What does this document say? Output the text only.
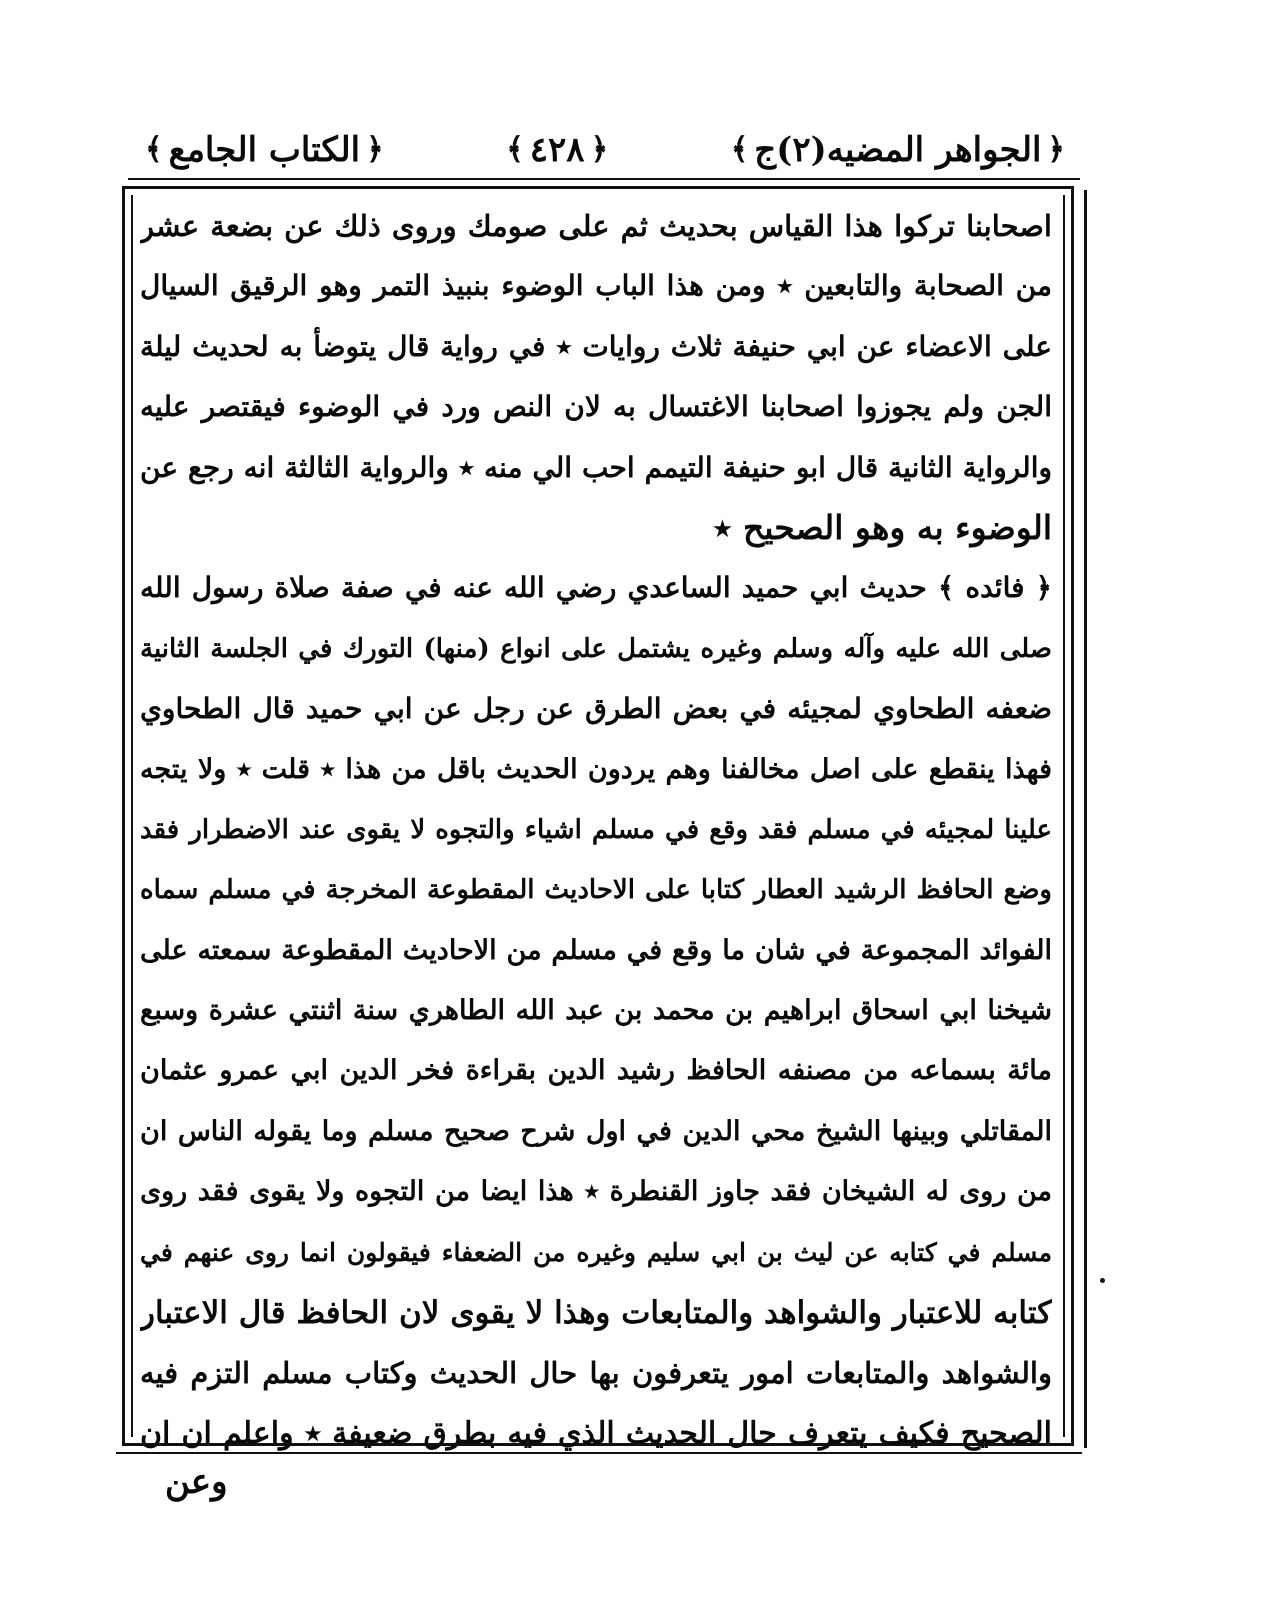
﴿
الجواهر المضيه(٢)ج
﴾
﴿
٤٢٨
﴾
﴿
الكتاب الجامع
﴾
اصحابنا تركوا هذا القياس بحديث ثم على صومك وروى ذلك عن بضعة عشر
من الصحابة والتابعين ٭ ومن هذا الباب الوضوء بنبيذ التمر وهو الرقيق السيال
على الاعضاء عن ابي حنيفة ثلاث روايات ٭ في رواية قال يتوضأ به لحديث ليلة
الجن ولم يجوزوا اصحابنا الاغتسال به لان النص ورد في الوضوء فيقتصر عليه
والرواية الثانية قال ابو حنيفة التيمم احب الي منه ٭ والرواية الثالثة انه رجع عن
الوضوء به وهو الصحيح ٭
﴿ فائده ﴾ حديث ابي حميد الساعدي رضي الله عنه في صفة صلاة رسول الله
صلى الله عليه وآله وسلم وغيره يشتمل على انواع (منها) التورك في الجلسة الثانية
ضعفه الطحاوي لمجيئه في بعض الطرق عن رجل عن ابي حميد قال الطحاوي
فهذا ينقطع على اصل مخالفنا وهم يردون الحديث باقل من هذا ٭ قلت ٭ ولا يتجه
علينا لمجيئه في مسلم فقد وقع في مسلم اشياء والتجوه لا يقوى عند الاضطرار فقد
وضع الحافظ الرشيد العطار كتابا على الاحاديث المقطوعة المخرجة في مسلم سماه
الفوائد المجموعة في شان ما وقع في مسلم من الاحاديث المقطوعة سمعته على
شيخنا ابي اسحاق ابراهيم بن محمد بن عبد الله الطاهري سنة اثنتي عشرة وسبع
مائة بسماعه من مصنفه الحافظ رشيد الدين بقراءة فخر الدين ابي عمرو عثمان
المقاتلي وبينها الشيخ محي الدين في اول شرح صحيح مسلم وما يقوله الناس ان
من روى له الشيخان فقد جاوز القنطرة ٭ هذا ايضا من التجوه ولا يقوى فقد روى
مسلم في كتابه عن ليث بن ابي سليم وغيره من الضعفاء فيقولون انما روى عنهم في
كتابه للاعتبار والشواهد والمتابعات وهذا لا يقوى لان الحافظ قال الاعتبار
والشواهد والمتابعات امور يتعرفون بها حال الحديث وكتاب مسلم التزم فيه
الصحيح فكيف يتعرف حال الحديث الذي فيه بطرق ضعيفة ٭ واعلم ان ان
وعن
